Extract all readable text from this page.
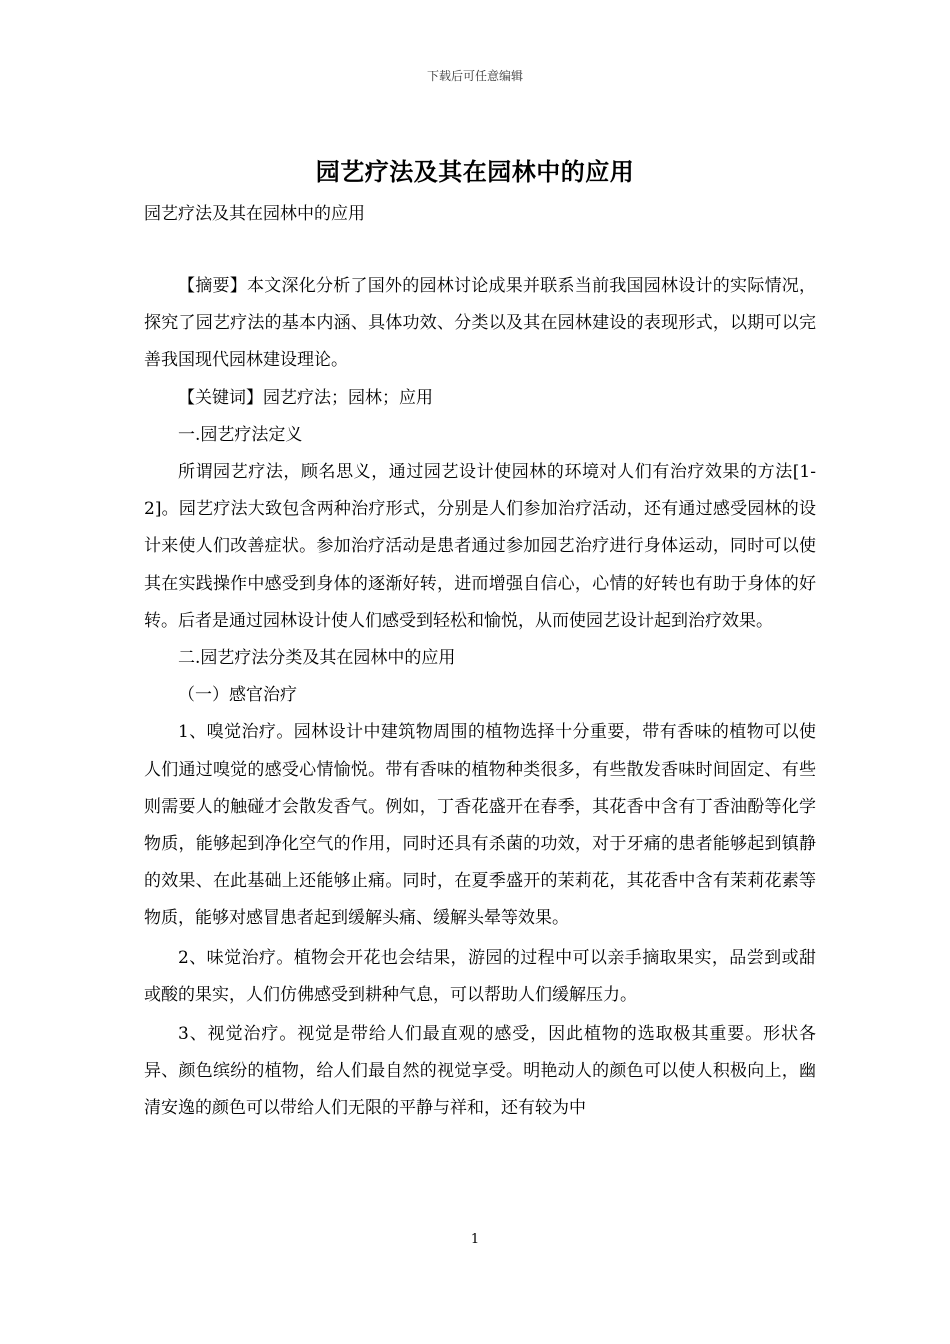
下载后可任意编辑
园艺疗法及其在园林中的应用
园艺疗法及其在园林中的应用

【摘要】本文深化分析了国外的园林讨论成果并联系当前我国园林设计的实际情况，探究了园艺疗法的基本内涵、具体功效、分类以及其在园林建设的表现形式，以期可以完善我国现代园林建设理论。

【关键词】园艺疗法；园林；应用

一.园艺疗法定义

所谓园艺疗法，顾名思义，通过园艺设计使园林的环境对人们有治疗效果的方法[1-2]。园艺疗法大致包含两种治疗形式，分别是人们参加治疗活动，还有通过感受园林的设计来使人们改善症状。参加治疗活动是患者通过参加园艺治疗进行身体运动，同时可以使其在实践操作中感受到身体的逐渐好转，进而增强自信心，心情的好转也有助于身体的好转。后者是通过园林设计使人们感受到轻松和愉悦，从而使园艺设计起到治疗效果。

二.园艺疗法分类及其在园林中的应用

（一）感官治疗

1、嗅觉治疗。园林设计中建筑物周围的植物选择十分重要，带有香味的植物可以使人们通过嗅觉的感受心情愉悦。带有香味的植物种类很多，有些散发香味时间固定、有些则需要人的触碰才会散发香气。例如，丁香花盛开在春季，其花香中含有丁香油酚等化学物质，能够起到净化空气的作用，同时还具有杀菌的功效，对于牙痛的患者能够起到镇静的效果、在此基础上还能够止痛。同时，在夏季盛开的茉莉花，其花香中含有茉莉花素等物质，能够对感冒患者起到缓解头痛、缓解头晕等效果。

2、味觉治疗。植物会开花也会结果，游园的过程中可以亲手摘取果实，品尝到或甜或酸的果实，人们仿佛感受到耕种气息，可以帮助人们缓解压力。

3、视觉治疗。视觉是带给人们最直观的感受，因此植物的选取极其重要。形状各异、颜色缤纷的植物，给人们最自然的视觉享受。明艳动人的颜色可以使人积极向上，幽清安逸的颜色可以带给人们无限的平静与祥和，还有较为中

1
